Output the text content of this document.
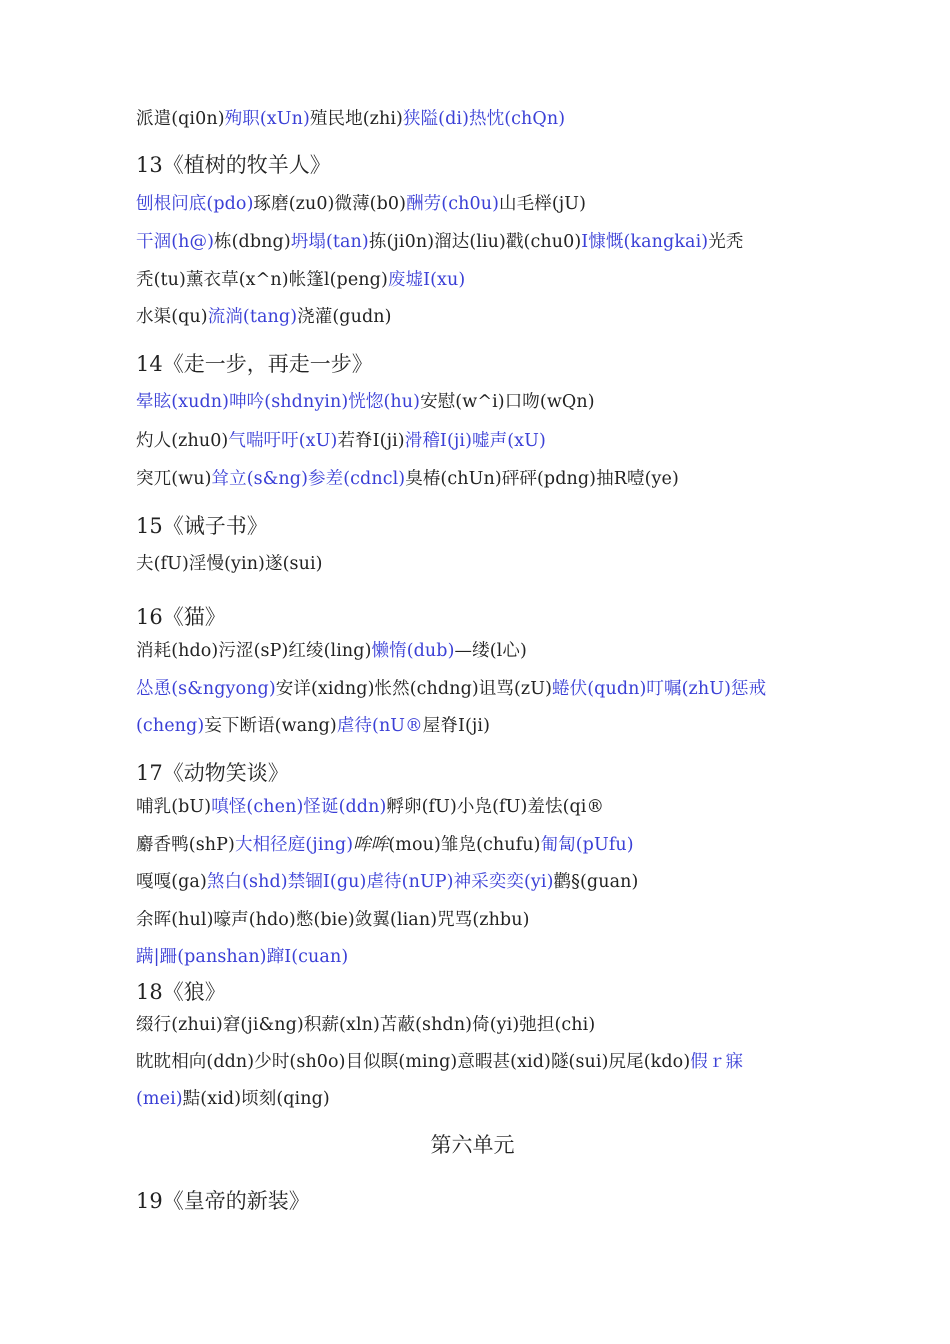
派遣(qi0n)殉职(xUn)殖民地(zhi)狭隘(di)热忱(chQn)

13《植树的牧羊人》

刨根问底(pdo)琢磨(zu0)微薄(b0)酬劳(ch0u)山毛榉(jU)

干涸(h@)栋(dbng)坍塌(tan)拣(ji0n)溜达(liu)戳(chu0)I慷慨(kangkai)光秃

秃(tu)薰衣草(x^n)帐篷l(peng)废墟I(xu)

水渠(qu)流淌(tang)浇灌(gudn)

14《走一步，再走一步》

晕眩(xudn)呻吟(shdnyin)恍惚(hu)安慰(w^i)口吻(wQn)

灼人(zhu0)气喘吁吁(xU)若脊I(ji)滑稽I(ji)嘘声(xU)

突兀(wu)耸立(s&ng)参差(cdncl)臭椿(chUn)砰砰(pdng)抽R噎(ye)

15《诫子书》

夫(fU)淫慢(yin)遂(sui)

16《猫》

消耗(hdo)污涩(sP)红绫(ling)懒惰(dub)—缕(l心)

怂恿(s&ngyong)安详(xidng)怅然(chdng)诅骂(zU)蜷伏(qudn)叮嘱(zhU)惩戒

(cheng)妄下断语(wang)虐待(nU®屋脊I(ji)

17《动物笑谈》

哺乳(bU)嗔怪(chen)怪诞(ddn)孵卵(fU)小凫(fU)羞怯(qi®

麝香鸭(shP)大相径庭(jing)哞哞(mou)雏凫(chufu)匍匐(pUfu)

嘎嘎(ga)煞白(shd)禁锢I(gu)虐待(nUP)神采奕奕(yi)鹳§(guan)

余晖(hul)嚎声(hdo)憋(bie)敛翼(lian)咒骂(zhbu)

蹒|跚(panshan)蹿I(cuan)

18《狼》

缀行(zhui)窘(ji&ng)积薪(xln)苫蔽(shdn)倚(yi)弛担(chi)

眈眈相向(ddn)少时(sh0o)目似瞑(ming)意暇甚(xid)隧(sui)尻尾(kdo)假ｒ寐

(mei)黠(xid)顷刻(qing)

第六单元
19《皇帝的新装》
